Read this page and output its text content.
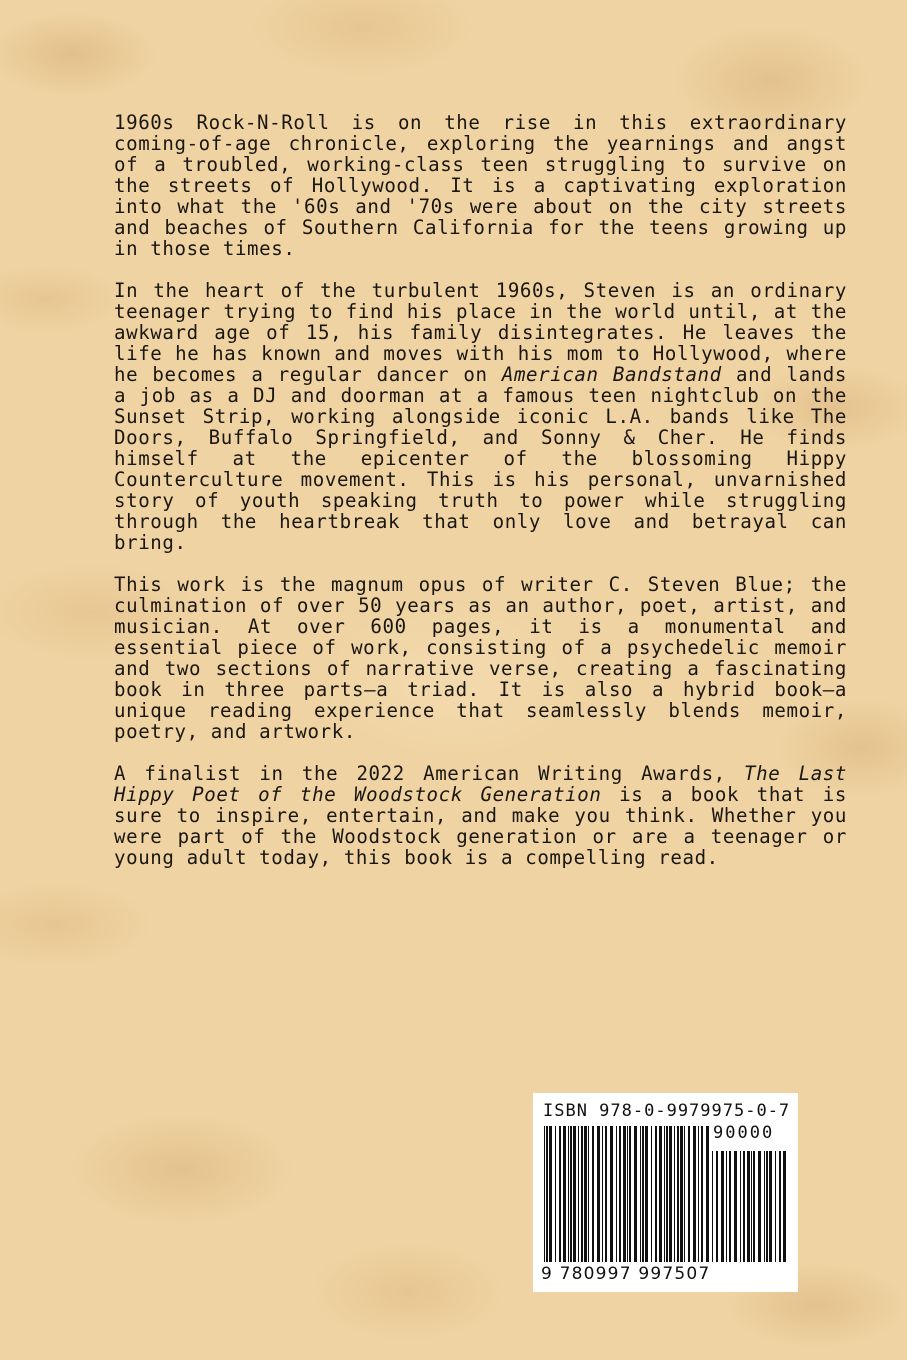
1960s Rock-N-Roll is on the rise in this extraordinary coming-of-age chronicle, exploring the yearnings and angst of a troubled, working-class teen struggling to survive on the streets of Hollywood. It is a captivating exploration into what the '60s and '70s were about on the city streets and beaches of Southern California for the teens growing up in those times.

In the heart of the turbulent 1960s, Steven is an ordinary teenager trying to find his place in the world until, at the awkward age of 15, his family disintegrates. He leaves the life he has known and moves with his mom to Hollywood, where he becomes a regular dancer on American Bandstand and lands a job as a DJ and doorman at a famous teen nightclub on the Sunset Strip, working alongside iconic L.A. bands like The Doors, Buffalo Springfield, and Sonny & Cher. He finds himself at the epicenter of the blossoming Hippy Counterculture movement. This is his personal, unvarnished story of youth speaking truth to power while struggling through the heartbreak that only love and betrayal can bring.

This work is the magnum opus of writer C. Steven Blue; the culmination of over 50 years as an author, poet, artist, and musician. At over 600 pages, it is a monumental and essential piece of work, consisting of a psychedelic memoir and two sections of narrative verse, creating a fascinating book in three parts—a triad. It is also a hybrid book—a unique reading experience that seamlessly blends memoir, poetry, and artwork.

A finalist in the 2022 American Writing Awards, The Last Hippy Poet of the Woodstock Generation is a book that is sure to inspire, entertain, and make you think. Whether you were part of the Woodstock generation or are a teenager or young adult today, this book is a compelling read.

ISBN 978-0-9979975-0-7
90000
9 780997 997507
